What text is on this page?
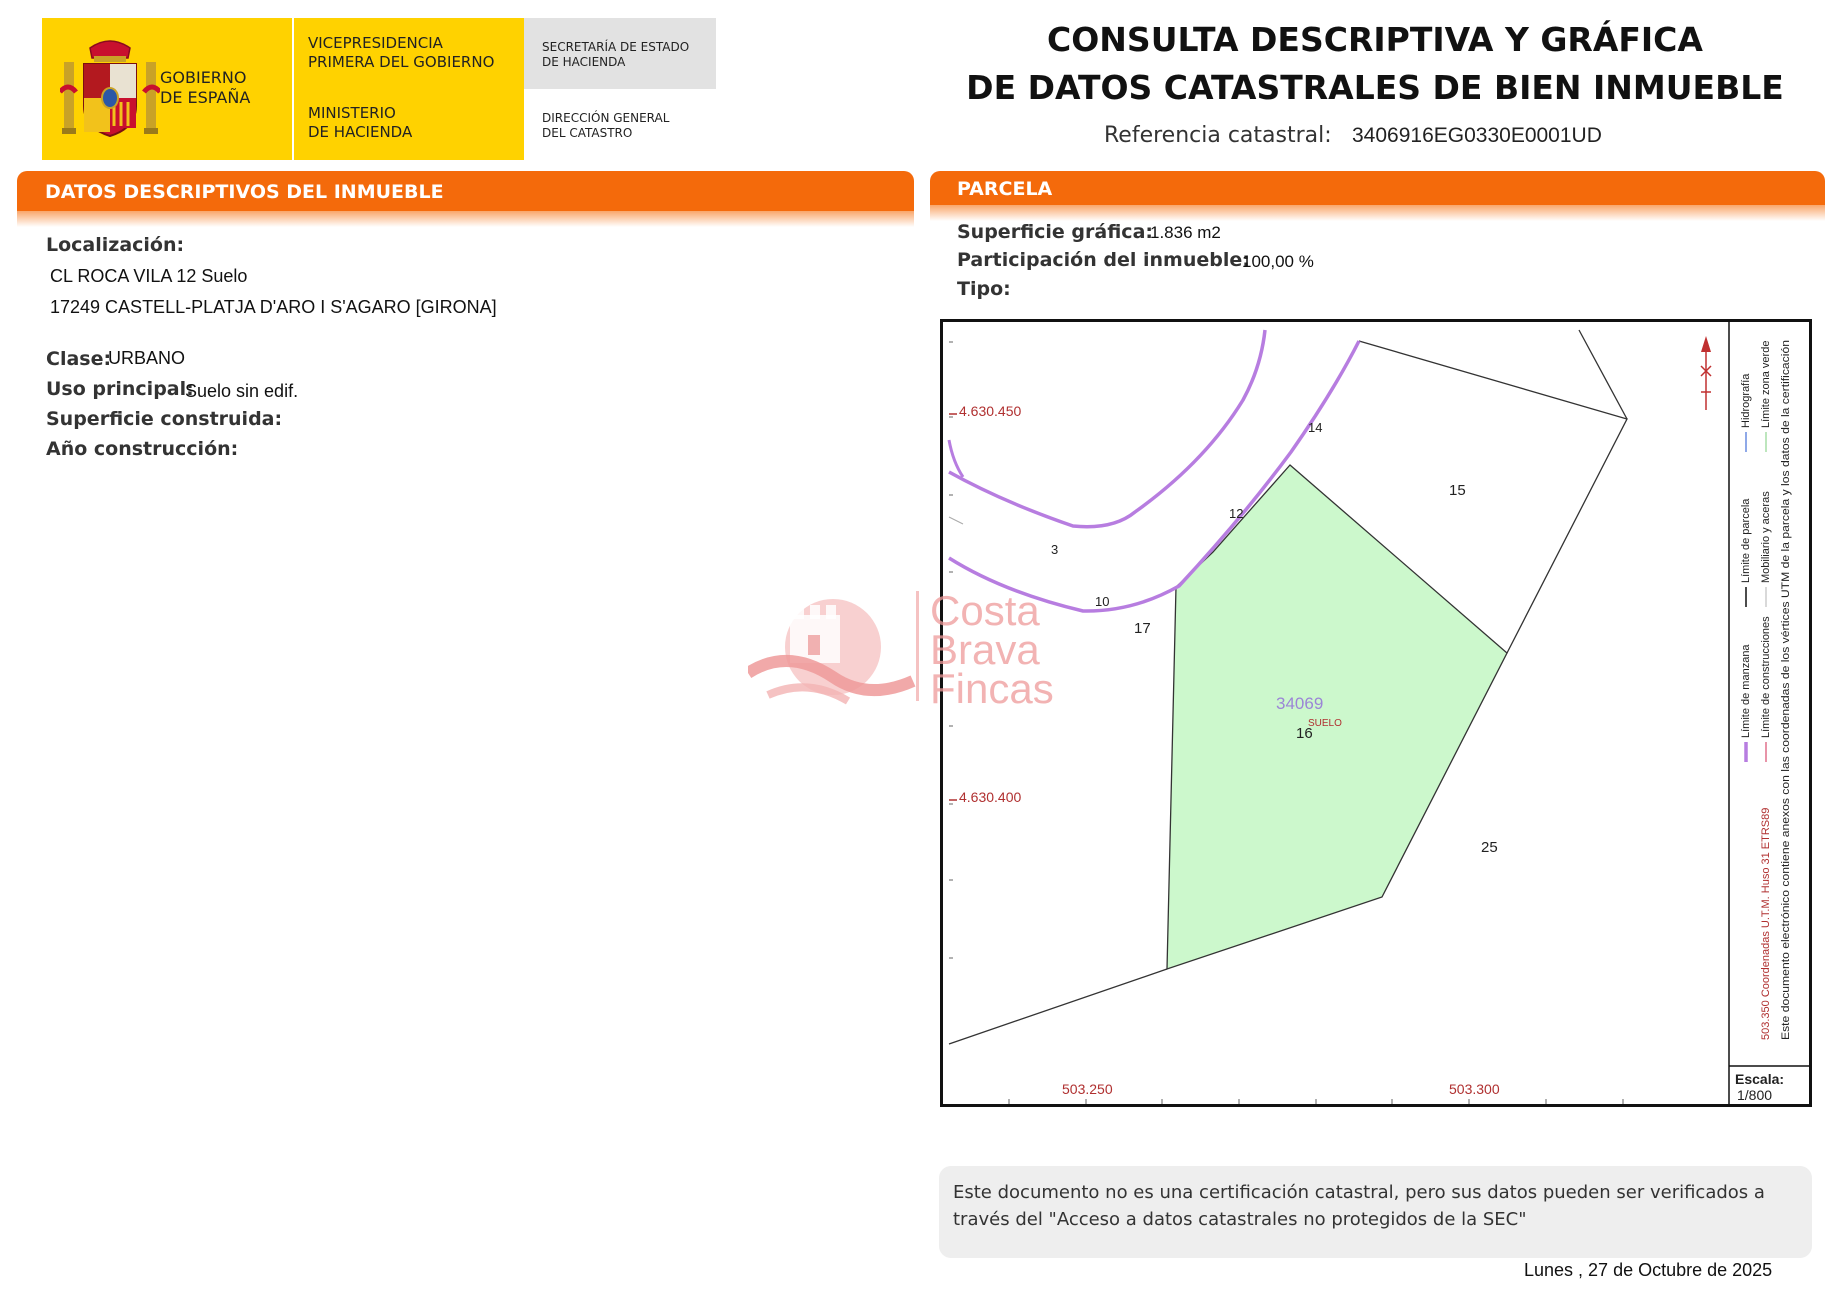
GOBIERNO
DE ESPAÑA
VICEPRESIDENCIA
PRIMERA DEL GOBIERNO
MINISTERIO
DE HACIENDA
SECRETARÍA DE ESTADO
DE HACIENDA
DIRECCIÓN GENERAL
DEL CATASTRO
CONSULTA DESCRIPTIVA Y GRÁFICA
DE DATOS CATASTRALES DE BIEN INMUEBLE
Referencia catastral: 3406916EG0330E0001UD
DATOS DESCRIPTIVOS DEL INMUEBLE	PARCELA
Localización:
CL ROCA VILA 12 Suelo
17249 CASTELL-PLATJA D'ARO I S'AGARO [GIRONA]
Clase:
URBANO
Uso principal:
Suelo sin edif.
Superficie construida:
Año construcción:
Superficie gráfica:
1.836 m2
Participación del inmueble:
100,00 %
Tipo:
4.630.450
4.630.400
503.250	503.300
34069
SUELO
16
15
17
25
14
12
10
3
Límite de manzana
Límite de parcela
Hidrografía
Límite de construcciones
Mobiliario y aceras
Límite zona verde
503.350 Coordenadas U.T.M. Huso 31 ETRS89 Este documento electrónico contiene anexos con las coordenadas de los vértices UTM de la parcela y los datos de la certificación
Escala:
1/800
Costa
Brava
Fincas
Este documento no es una certificación catastral, pero sus datos pueden ser verificados a través del "Acceso a datos catastrales no protegidos de la SEC"
Lunes , 27 de Octubre de 2025
